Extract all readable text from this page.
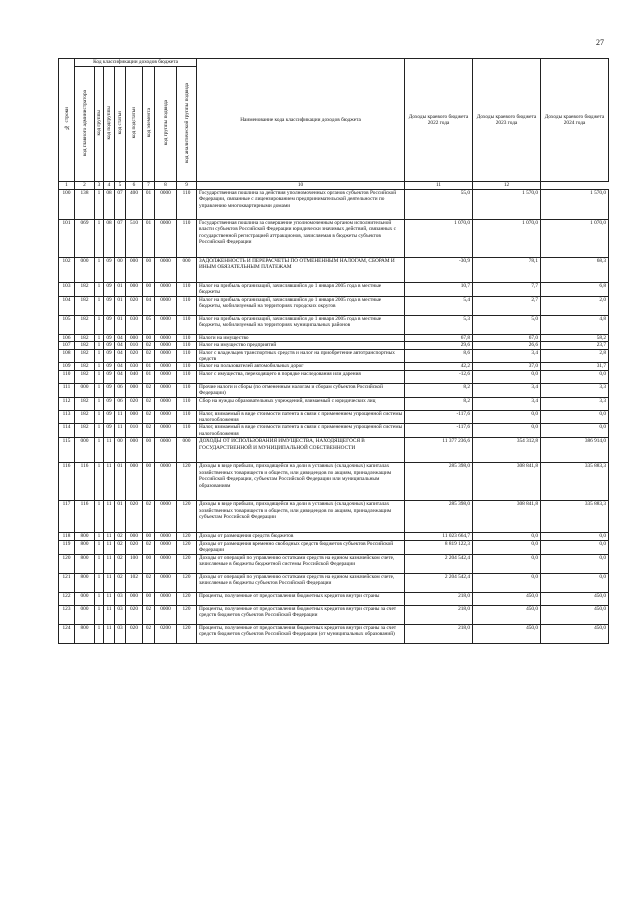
27
№ строки	Код классификации доходов бюджета								Наименование кода классификации доходов бюджета	Доходы краевого бюджета 2022 года	Доходы краевого бюджета 2023 года	Доходы краевого бюджета 2024 года
	код главного администратора	код группы	код подгруппы	код статьи	код подстатьи	код элемента	код группы подвида	код аналитической группы подвида				
1	2	3	4	5	6	7	8	9	10	11	12	
100	138	1	08	07	400	01	0000	110	Государственная пошлина за действия уполномоченных органов субъектов Российской Федерации, связанные с лицензированием предпринимательской деятельности по управлению многоквартирными домами	55,0	1 570,0	1 570,0
101	069	1	08	07	510	01	0000	110	Государственная пошлина за совершение уполномоченным органом исполнительной власти субъектов Российской Федерации юридически значимых действий, связанных с государственной регистрацией аттракционов, зачисляемая в бюджеты субъектов Российской Федерации	1 070,0	1 070,0	1 070,0
102	000	1	09	00	000	00	0000	000	ЗАДОЛЖЕННОСТЬ И ПЕРЕРАСЧЕТЫ ПО ОТМЕНЕННЫМ НАЛОГАМ, СБОРАМ И ИНЫМ ОБЯЗАТЕЛЬНЫМ ПЛАТЕЖАМ	-30,9	78,1	68,3
103	182	1	09	01	000	00	0000	110	Налог на прибыль организаций, зачислявшийся до 1 января 2005 года в местные бюджеты	10,7	7,7	6,8
104	182	1	09	01	020	04	0000	110	Налог на прибыль организаций, зачислявшийся до 1 января 2005 года в местные бюджеты, мобилизуемый на территориях городских округов	5,4	2,7	2,0
105	182	1	09	01	030	05	0000	110	Налог на прибыль организаций, зачислявшийся до 1 января 2005 года в местные бюджеты, мобилизуемый на территориях муниципальных районов	5,3	5,0	4,8
106	182	1	09	04	000	00	0000	110	Налоги на имущество	67,8	67,0	58,2
107	182	1	09	04	010	02	0000	110	Налог на имущество предприятий	29,6	26,6	23,7
108	182	1	09	04	020	02	0000	110	Налог с владельцев транспортных средств и налог на приобретение автотранспортных средств	8,6	3,4	2,8
109	182	1	09	04	030	01	0000	110	Налог на пользователей автомобильных дорог	42,2	37,0	31,7
110	182	1	09	04	040	01	0000	110	Налог с имущества, переходящего в порядке наследования или дарения	-12,6	0,0	0,0
111	000	1	09	06	000	02	0000	110	Прочие налоги и сборы (по отмененным налогам и сборам субъектов Российской Федерации)	8,2	3,4	3,3
112	182	1	09	06	020	02	0000	110	Сбор на нужды образовательных учреждений, взимаемый с юридических лиц	8,2	3,4	3,3
113	182	1	09	11	000	02	0000	110	Налог, взимаемый в виде стоимости патента в связи с применением упрощенной системы налогообложения	-117,6	0,0	0,0
114	182	1	09	11	010	02	0000	110	Налог, взимаемый в виде стоимости патента в связи с применением упрощенной системы налогообложения	-117,6	0,0	0,0
115	000	1	11	00	000	00	0000	000	ДОХОДЫ ОТ ИСПОЛЬЗОВАНИЯ ИМУЩЕСТВА, НАХОДЯЩЕГОСЯ В ГОСУДАРСТВЕННОЙ И МУНИЦИПАЛЬНОЙ СОБСТВЕННОСТИ	11 377 236,6	354 312,8	386 914,0
116	116	1	11	01	000	00	0000	120	Доходы в виде прибыли, приходящейся на доли в уставных (складочных) капиталах хозяйственных товариществ и обществ, или дивидендов по акциям, принадлежащим Российской Федерации, субъектам Российской Федерации или муниципальным образованиям	285 398,0	308 841,8	335 883,3
117	116	1	11	01	020	02	0000	120	Доходы в виде прибыли, приходящейся на доли в уставных (складочных) капиталах хозяйственных товариществ и обществ, или дивидендов по акциям, принадлежащим субъектам Российской Федерации	285 398,0	308 841,8	335 883,3
118	800	1	11	02	000	00	0000	120	Доходы от размещения средств бюджетов	11 023 664,7	0,0	0,0
119	800	1	11	02	020	02	0000	120	Доходы от размещения временно свободных средств бюджетов субъектов Российской Федерации	8 819 122,3	0,0	0,0
120	800	1	11	02	100	00	0000	120	Доходы от операций по управлению остатками средств на едином казначейском счете, зачисляемые в бюджеты бюджетной системы Российской Федерации	2 204 542,4	0,0	0,0
121	800	1	11	02	102	02	0000	120	Доходы от операций по управлению остатками средств на едином казначейском счете, зачисляемые в бюджеты субъектов Российской Федерации	2 204 542,4	0,0	0,0
122	000	1	11	03	000	00	0000	120	Проценты, полученные от предоставления бюджетных кредитов внутри страны	218,0	450,0	450,0
123	000	1	11	03	020	02	0000	120	Проценты, полученные от предоставления бюджетных кредитов внутри страны за счет средств бюджетов субъектов Российской Федерации	218,0	450,0	450,0
124	800	1	11	03	020	02	0200	120	Проценты, полученные от предоставления бюджетных кредитов внутри страны за счет средств бюджетов субъектов Российской Федерации (от муниципальных образований)	218,0	450,0	450,0
